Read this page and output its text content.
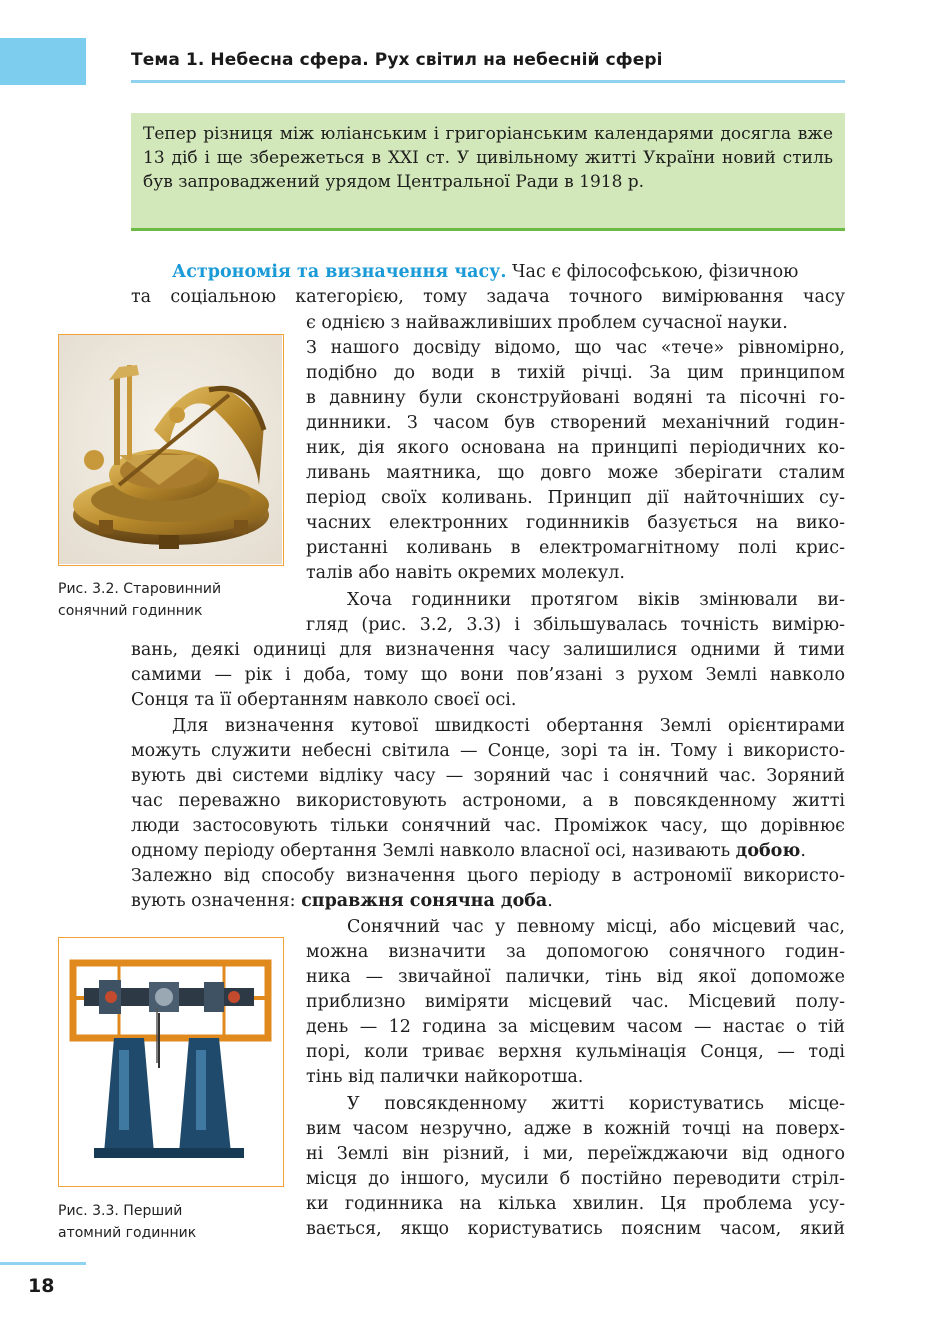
Тема 1. Небесна сфера. Рух світил на небесній сфері

Тепер різниця між юліанським і григоріанським календарями досягла вже 13 діб і ще збережеться в XXI ст. У цивільному житті України новий стиль був запроваджений урядом Центральної Ради в 1918 р.

Астрономія та визначення часу. Час є філософською, фізичною
та соціальною категорією, тому задача точного вимірювання часу
є однією з найважливіших проблем сучасної науки.
З нашого досвіду відомо, що час «тече» рівномірно,
подібно до води в тихій річці. За цим принципом
в давнину були сконструйовані водяні та пісочні го-
динники. З часом був створений механічний годин-
ник, дія якого основана на принципі періодичних ко-
ливань маятника, що довго може зберігати сталим
період своїх коливань. Принцип дії найточніших су-
часних електронних годинників базується на вико-
ристанні коливань в електромагнітному полі крис-
талів або навіть окремих молекул.
Хоча годинники протягом віків змінювали ви-
гляд (рис. 3.2, 3.3) і збільшувалась точність вимірю-
вань, деякі одиниці для визначення часу залишилися одними й тими
самими — рік і доба, тому що вони пов’язані з рухом Землі навколо
Сонця та її обертанням навколо своєї осі.
Для визначення кутової швидкості обертання Землі орієнтирами
можуть служити небесні світила — Сонце, зорі та ін. Тому і використо-
вують дві системи відліку часу — зоряний час і сонячний час. Зоряний
час переважно використовують астрономи, а в повсякденному житті
люди застосовують тільки сонячний час. Проміжок часу, що дорівнює
одному періоду обертання Землі навколо власної осі, називають добою.
Залежно від способу визначення цього періоду в астрономії використо-
вують означення: справжня сонячна доба.
Сонячний час у певному місці, або місцевий час,
можна визначити за допомогою сонячного годин-
ника — звичайної палички, тінь від якої допоможе
приблизно виміряти місцевий час. Місцевий полу-
день — 12 година за місцевим часом — настає о тій
порі, коли триває верхня кульмінація Сонця, — тоді
тінь від палички найкоротша.
У повсякденному житті користуватись місце-
вим часом незручно, адже в кожній точці на поверх-
ні Землі він різний, і ми, переїжджаючи від одного
місця до іншого, мусили б постійно переводити стріл-
ки годинника на кілька хвилин. Ця проблема усу-
вається, якщо користуватись поясним часом, який
Рис. 3.2. Старовинний
сонячний годинник
Рис. 3.3. Перший
атомний годинник
18
